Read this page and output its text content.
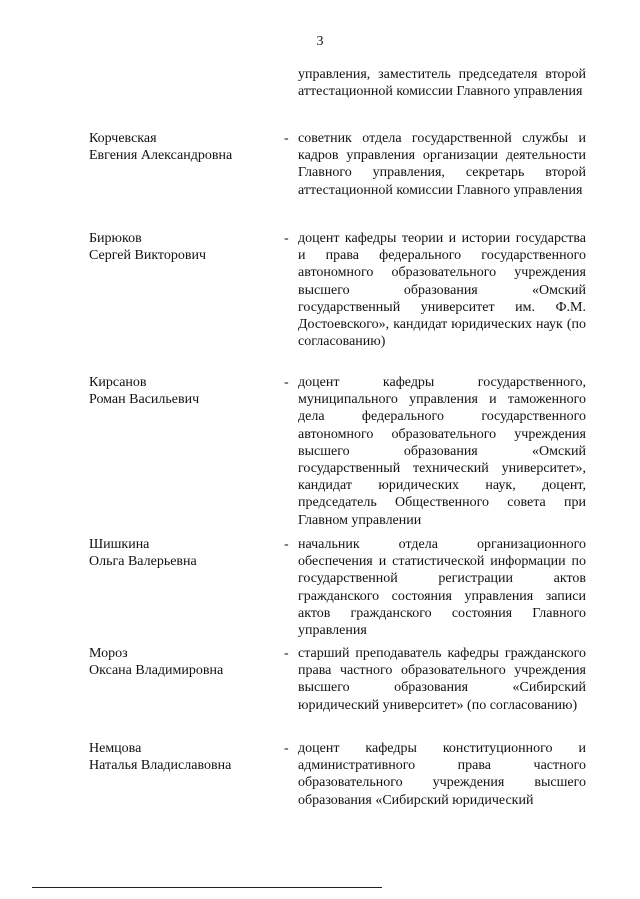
3
управления, заместитель председателя второй аттестационной комиссии Главного управления
Корчевская
Евгения Александровна
- советник отдела государственной службы и кадров управления организации деятельности Главного управления, секретарь второй аттестационной комиссии Главного управления
Бирюков
Сергей Викторович
- доцент кафедры теории и истории государства и права федерального государственного автономного образовательного учреждения высшего образования «Омский государственный университет им. Ф.М. Достоевского», кандидат юридических наук (по согласованию)
Кирсанов
Роман Васильевич
- доцент кафедры государственного, муниципального управления и таможенного дела федерального государственного автономного образовательного учреждения высшего образования «Омский государственный технический университет», кандидат юридических наук, доцент, председатель Общественного совета при Главном управлении
Шишкина
Ольга Валерьевна
- начальник отдела организационного обеспечения и статистической информации по государственной регистрации актов гражданского состояния управления записи актов гражданского состояния Главного управления
Мороз
Оксана Владимировна
- старший преподаватель кафедры гражданского права частного образовательного учреждения высшего образования «Сибирский юридический университет» (по согласованию)
Немцова
Наталья Владиславовна
- доцент кафедры конституционного и административного права частного образовательного учреждения высшего образования «Сибирский юридический
